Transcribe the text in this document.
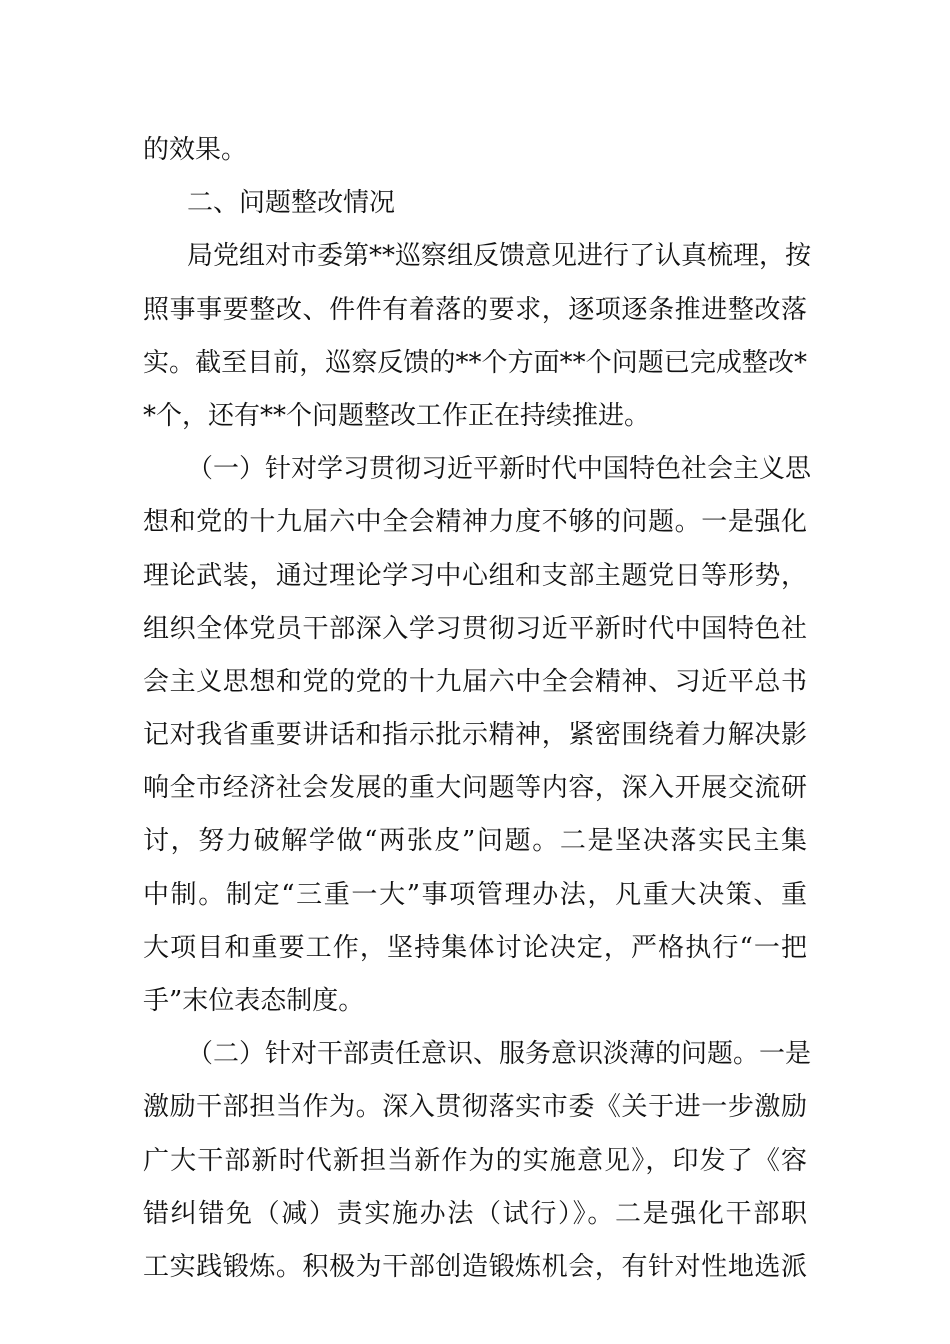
的效果。
二、问题整改情况
局党组对市委第**巡察组反馈意见进行了认真梳理，按
照事事要整改、件件有着落的要求，逐项逐条推进整改落
实。截至目前，巡察反馈的**个方面**个问题已完成整改*
*个，还有**个问题整改工作正在持续推进。
（一）针对学习贯彻习近平新时代中国特色社会主义思
想和党的十九届六中全会精神力度不够的问题。一是强化
理论武装，通过理论学习中心组和支部主题党日等形势，
组织全体党员干部深入学习贯彻习近平新时代中国特色社
会主义思想和党的党的十九届六中全会精神、习近平总书
记对我省重要讲话和指示批示精神，紧密围绕着力解决影
响全市经济社会发展的重大问题等内容，深入开展交流研
讨，努力破解学做“两张皮”问题。二是坚决落实民主集
中制。制定“三重一大”事项管理办法，凡重大决策、重
大项目和重要工作，坚持集体讨论决定，严格执行“一把
手”末位表态制度。
（二）针对干部责任意识、服务意识淡薄的问题。一是
激励干部担当作为。深入贯彻落实市委《关于进一步激励
广大干部新时代新担当新作为的实施意见》，印发了《容
错纠错免（减）责实施办法（试行）》。二是强化干部职
工实践锻炼。积极为干部创造锻炼机会，有针对性地选派
